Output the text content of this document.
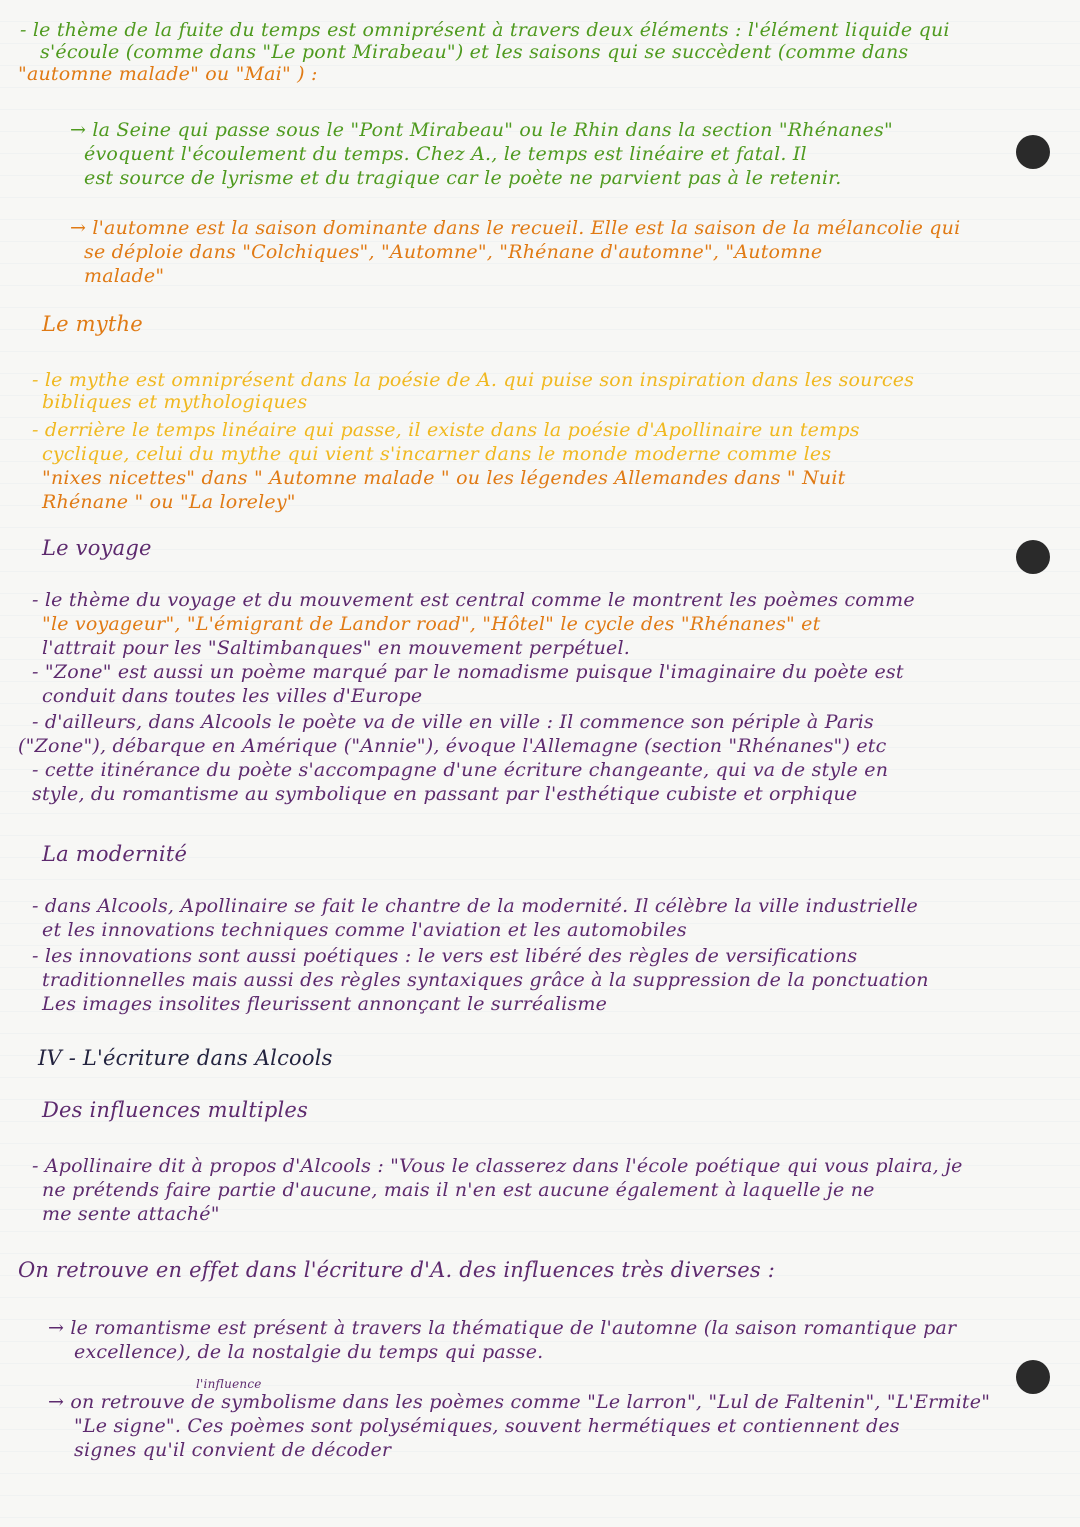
- le thème de la fuite du temps est omniprésent à travers deux éléments : l'élément liquide qui
s'écoule (comme dans "Le pont Mirabeau") et les saisons qui se succèdent (comme dans
"automne malade" ou "Mai" ) :
→ la Seine qui passe sous le "Pont Mirabeau" ou le Rhin dans la section "Rhénanes"
évoquent l'écoulement du temps. Chez A., le temps est linéaire et fatal. Il
est source de lyrisme et du tragique car le poète ne parvient pas à le retenir.
→ l'automne est la saison dominante dans le recueil. Elle est la saison de la mélancolie qui
se déploie dans "Colchiques", "Automne", "Rhénane d'automne", "Automne
malade"
Le mythe
- le mythe est omniprésent dans la poésie de A. qui puise son inspiration dans les sources
bibliques et mythologiques
- derrière le temps linéaire qui passe, il existe dans la poésie d'Apollinaire un temps
cyclique, celui du mythe qui vient s'incarner dans le monde moderne comme les
"nixes nicettes" dans " Automne malade " ou les légendes Allemandes dans " Nuit
Rhénane " ou "La loreley"
Le voyage
- le thème du voyage et du mouvement est central comme le montrent les poèmes comme
"le voyageur", "L'émigrant de Landor road", "Hôtel" le cycle des "Rhénanes" et
l'attrait pour les "Saltimbanques" en mouvement perpétuel.
- "Zone" est aussi un poème marqué par le nomadisme puisque l'imaginaire du poète est
conduit dans toutes les villes d'Europe
- d'ailleurs, dans Alcools le poète va de ville en ville : Il commence son périple à Paris
("Zone"), débarque en Amérique ("Annie"), évoque l'Allemagne (section "Rhénanes") etc
- cette itinérance du poète s'accompagne d'une écriture changeante, qui va de style en
style, du romantisme au symbolique en passant par l'esthétique cubiste et orphique
La modernité
- dans Alcools, Apollinaire se fait le chantre de la modernité. Il célèbre la ville industrielle
et les innovations techniques comme l'aviation et les automobiles
- les innovations sont aussi poétiques : le vers est libéré des règles de versifications
traditionnelles mais aussi des règles syntaxiques grâce à la suppression de la ponctuation
Les images insolites fleurissent annonçant le surréalisme
IV - L'écriture dans Alcools
Des influences multiples
- Apollinaire dit à propos d'Alcools : "Vous le classerez dans l'école poétique qui vous plaira, je
ne prétends faire partie d'aucune, mais il n'en est aucune également à laquelle je ne
me sente attaché"
On retrouve en effet dans l'écriture d'A. des influences très diverses :
→ le romantisme est présent à travers la thématique de l'automne (la saison romantique par
excellence), de la nostalgie du temps qui passe.
l'influence
→ on retrouve de symbolisme dans les poèmes comme "Le larron", "Lul de Faltenin", "L'Ermite"
"Le signe". Ces poèmes sont polysémiques, souvent hermétiques et contiennent des
signes qu'il convient de décoder
